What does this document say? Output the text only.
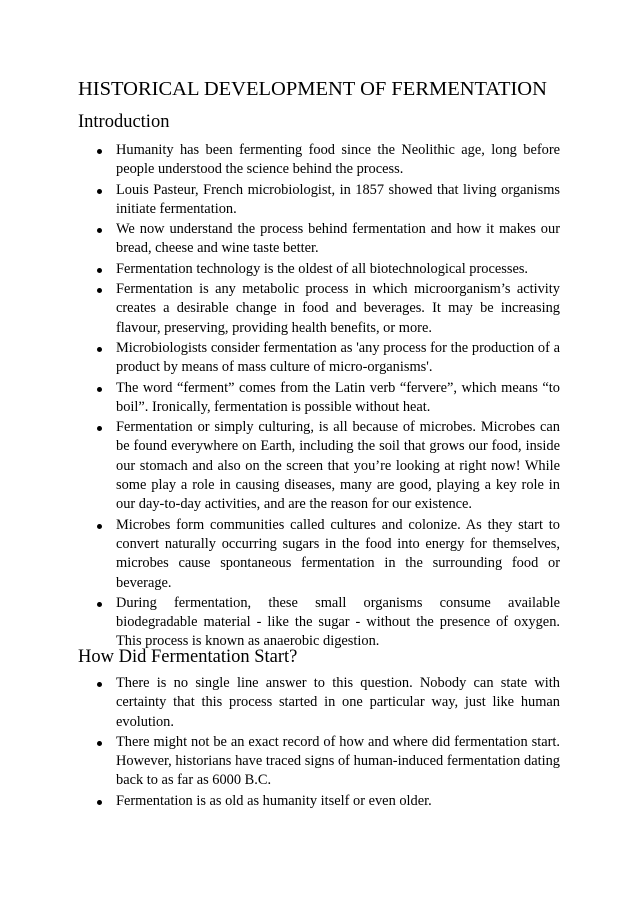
HISTORICAL DEVELOPMENT OF FERMENTATION
Introduction
Humanity has been fermenting food since the Neolithic age, long before people understood the science behind the process.
Louis Pasteur, French microbiologist, in 1857 showed that living organisms initiate fermentation.
We now understand the process behind fermentation and how it makes our bread, cheese and wine taste better.
Fermentation technology is the oldest of all biotechnological processes.
Fermentation is any metabolic process in which microorganism’s activity creates a desirable change in food and beverages. It may be increasing flavour, preserving, providing health benefits, or more.
Microbiologists consider fermentation as 'any process for the production of a product by means of mass culture of micro-organisms'.
The word “ferment” comes from the Latin verb “fervere”, which means “to boil”. Ironically, fermentation is possible without heat.
Fermentation or simply culturing, is all because of microbes. Microbes can be found everywhere on Earth, including the soil that grows our food, inside our stomach and also on the screen that you’re looking at right now! While some play a role in causing diseases, many are good, playing a key role in our day-to-day activities, and are the reason for our existence.
Microbes form communities called cultures and colonize. As they start to convert naturally occurring sugars in the food into energy for themselves, microbes cause spontaneous fermentation in the surrounding food or beverage.
During fermentation, these small organisms consume available biodegradable material - like the sugar - without the presence of oxygen. This process is known as anaerobic digestion.
How Did Fermentation Start?
There is no single line answer to this question. Nobody can state with certainty that this process started in one particular way, just like human evolution.
There might not be an exact record of how and where did fermentation start. However, historians have traced signs of human-induced fermentation dating back to as far as 6000 B.C.
Fermentation is as old as humanity itself or even older.
